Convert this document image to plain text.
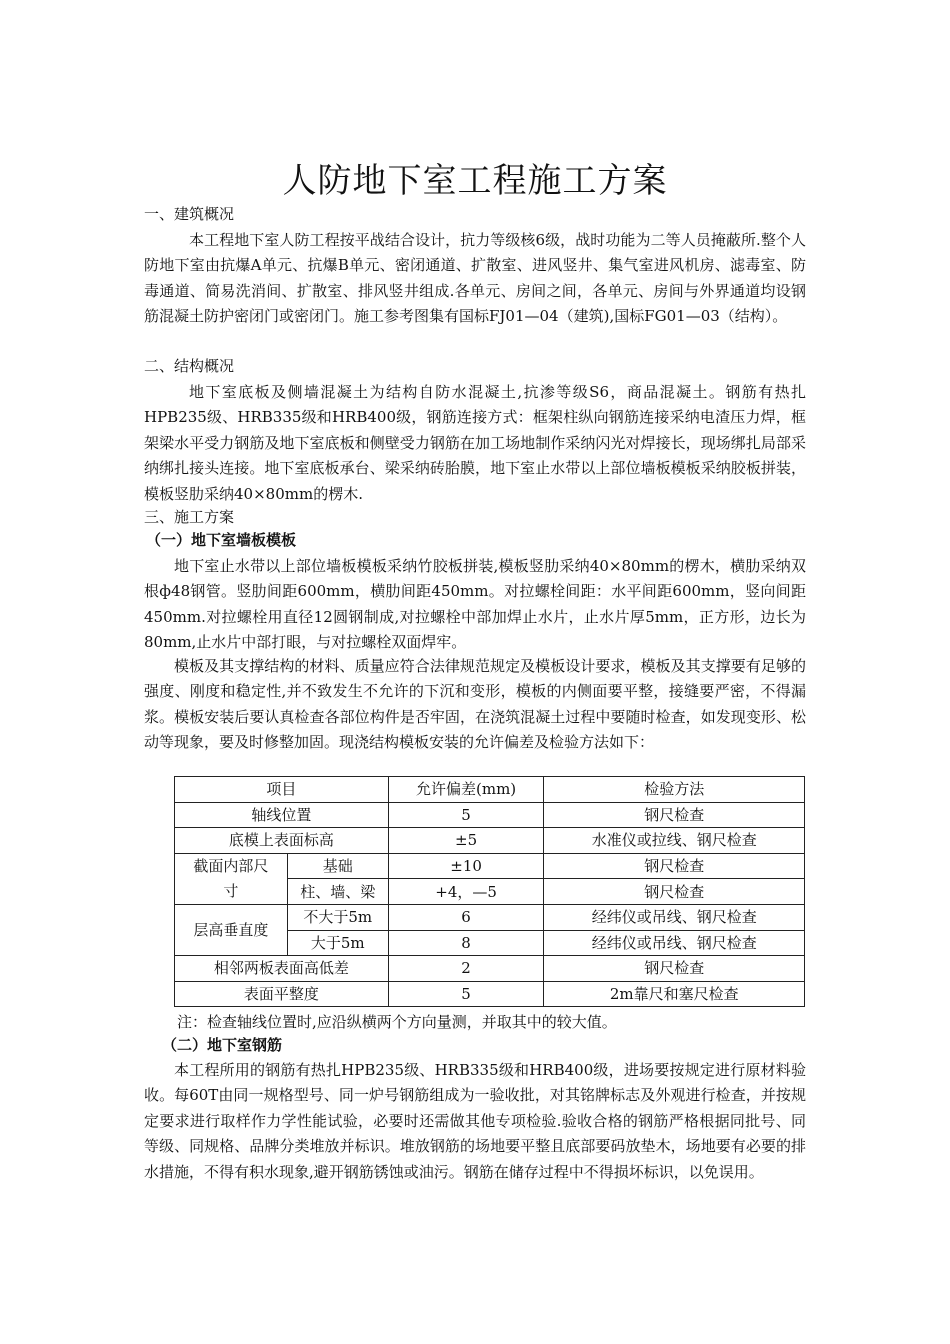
人防地下室工程施工方案
一、建筑概况

本工程地下室人防工程按平战结合设计，抗力等级核6级，战时功能为二等人员掩蔽所.整个人防地下室由抗爆A单元、抗爆B单元、密闭通道、扩散室、进风竖井、集气室进风机房、滤毒室、防毒通道、简易洗消间、扩散室、排风竖井组成.各单元、房间之间，各单元、房间与外界通道均设钢筋混凝土防护密闭门或密闭门。施工参考图集有国标FJ01—04（建筑),国标FG01—03（结构）。

二、结构概况

地下室底板及侧墙混凝土为结构自防水混凝土,抗渗等级S6，商品混凝土。钢筋有热扎HPB235级、HRB335级和HRB400级，钢筋连接方式：框架柱纵向钢筋连接采纳电渣压力焊，框架梁水平受力钢筋及地下室底板和侧壁受力钢筋在加工场地制作采纳闪光对焊接长，现场绑扎局部采纳绑扎接头连接。地下室底板承台、梁采纳砖胎膜，地下室止水带以上部位墙板模板采纳胶板拼装，模板竖肋采纳40×80mm的楞木.

三、施工方案
（一）地下室墙板模板

地下室止水带以上部位墙板模板采纳竹胶板拼装,模板竖肋采纳40×80mm的楞木，横肋采纳双根ф48钢管。竖肋间距600mm，横肋间距450mm。对拉螺栓间距：水平间距600mm，竖向间距450mm.对拉螺栓用直径12圆钢制成,对拉螺栓中部加焊止水片，止水片厚5mm，正方形，边长为80mm,止水片中部打眼，与对拉螺栓双面焊牢。

模板及其支撑结构的材料、质量应符合法律规范规定及模板设计要求，模板及其支撑要有足够的强度、刚度和稳定性,并不致发生不允许的下沉和变形，模板的内侧面要平整，接缝要严密，不得漏浆。模板安装后要认真检查各部位构件是否牢固，在浇筑混凝土过程中要随时检查，如发现变形、松动等现象，要及时修整加固。现浇结构模板安装的允许偏差及检验方法如下：

项目		允许偏差(mm)	检验方法
轴线位置		5	钢尺检查
底模上表面标高		±5	水准仪或拉线、钢尺检查
截面内部尺寸	基础	±10	钢尺检查
	柱、墙、梁	+4，—5	钢尺检查
层高垂直度	不大于5m	6	经纬仪或吊线、钢尺检查
	大于5m	8	经纬仪或吊线、钢尺检查
相邻两板表面高低差		2	钢尺检查
表面平整度		5	2m靠尺和塞尺检查
注：检查轴线位置时,应沿纵横两个方向量测，并取其中的较大值。
（二）地下室钢筋

本工程所用的钢筋有热扎HPB235级、HRB335级和HRB400级，进场要按规定进行原材料验收。每60T由同一规格型号、同一炉号钢筋组成为一验收批，对其铭牌标志及外观进行检查，并按规定要求进行取样作力学性能试验，必要时还需做其他专项检验.验收合格的钢筋严格根据同批号、同等级、同规格、品牌分类堆放并标识。堆放钢筋的场地要平整且底部要码放垫木，场地要有必要的排水措施，不得有积水现象,避开钢筋锈蚀或油污。钢筋在储存过程中不得损坏标识，以免误用。
